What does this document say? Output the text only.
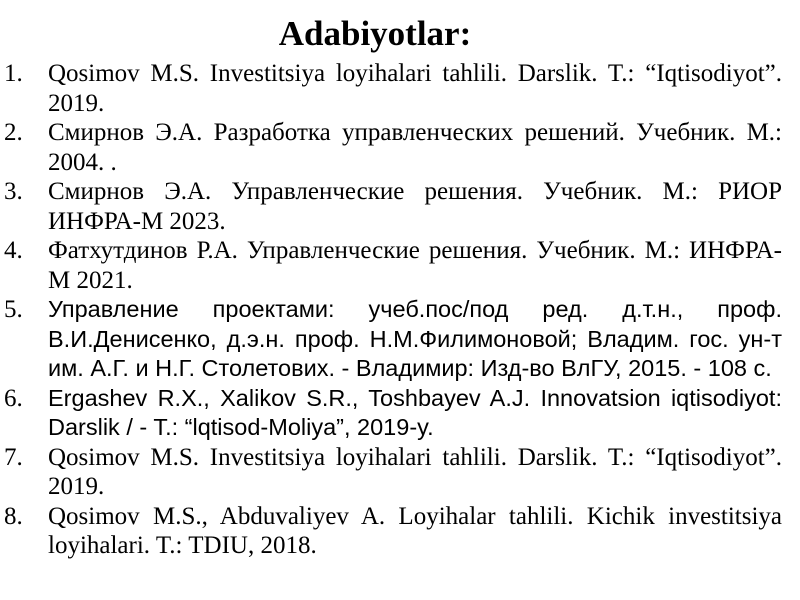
Adabiyotlar:
1.	Qosimov M.S. Investitsiya loyihalari tahlili. Darslik. T.: “Iqtisodiyot”. 2019.
2.	Смирнов Э.А. Разработка управленческих решений. Учебник. М.: 2004. .
3.	Смирнов Э.А. Управленческие решения. Учебник. М.: РИОР ИНФРА-М 2023.
4.	Фатхутдинов Р.А. Управленческие решения. Учебник. М.: ИНФРА-М 2021.
5.	Управление проектами: учеб.пос/под ред. д.т.н., проф. В.И.Денисенко, д.э.н. проф. Н.М.Филимоновой; Владим. гос. ун-т им. А.Г. и Н.Г. Столетових. - Владимир: Изд-во ВлГУ, 2015. - 108 с.
6.	Ergashev R.X., Xalikov S.R., Toshbayev A.J. Innovatsion iqtisodiyot: Darslik / - T.: “lqtisod-Moliya”, 2019-y.
7.	Qosimov M.S. Investitsiya loyihalari tahlili. Darslik. T.: “Iqtisodiyot”. 2019.
8.	Qosimov M.S., Abduvaliyev A. Loyihalar tahlili. Kichik investitsiya loyihalari. T.: TDIU, 2018.
